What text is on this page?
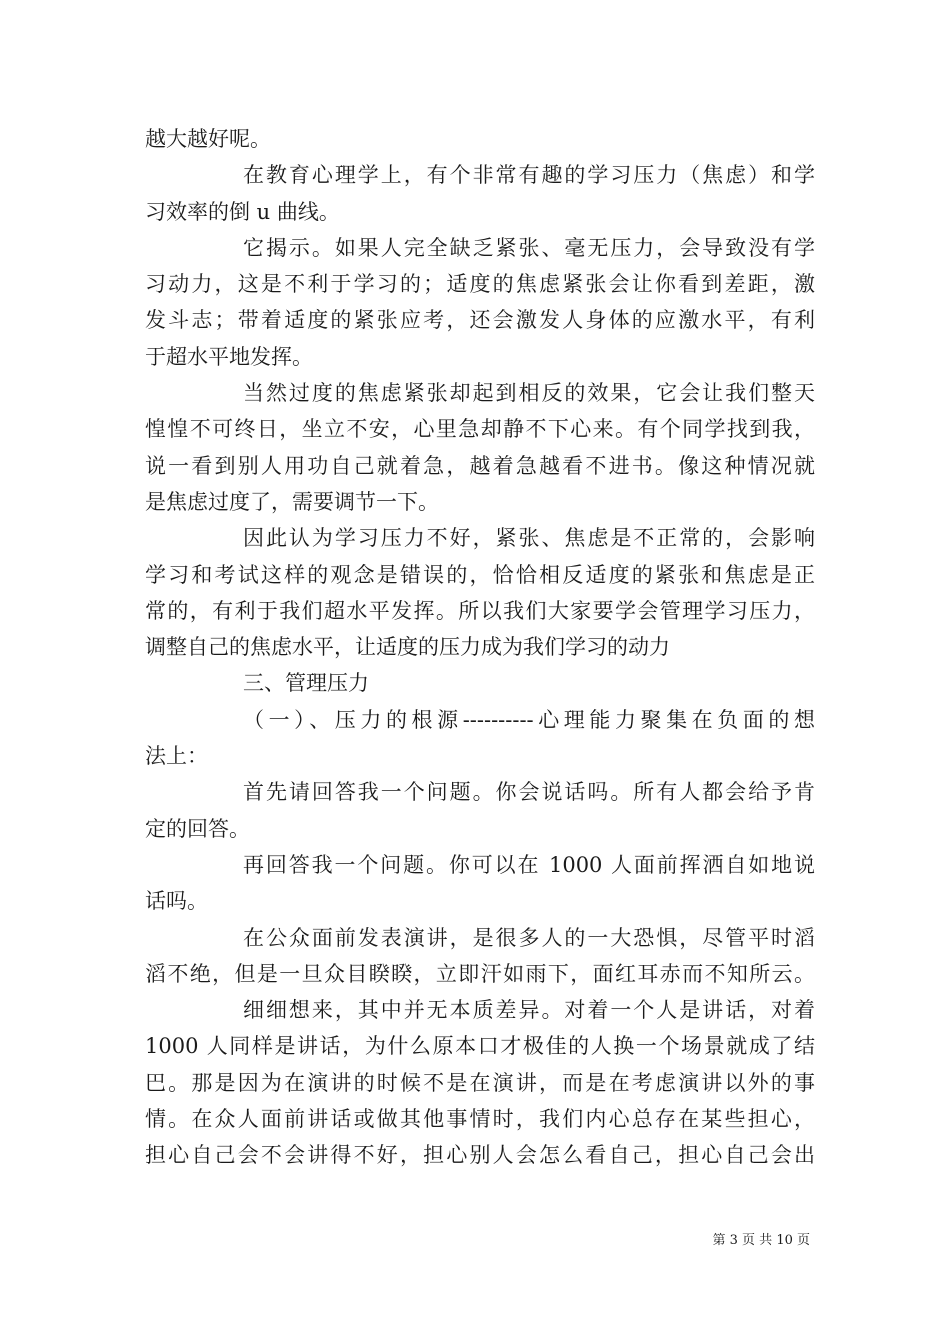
越大越好呢。
在教育心理学上，有个非常有趣的学习压力（焦虑）和学
习效率的倒 u 曲线。
它揭示。如果人完全缺乏紧张、毫无压力，会导致没有学
习动力，这是不利于学习的；适度的焦虑紧张会让你看到差距，激
发斗志；带着适度的紧张应考，还会激发人身体的应激水平，有利
于超水平地发挥。
当然过度的焦虑紧张却起到相反的效果，它会让我们整天
惶惶不可终日，坐立不安，心里急却静不下心来。有个同学找到我，
说一看到别人用功自己就着急，越着急越看不进书。像这种情况就
是焦虑过度了，需要调节一下。
因此认为学习压力不好，紧张、焦虑是不正常的，会影响
学习和考试这样的观念是错误的，恰恰相反适度的紧张和焦虑是正
常的，有利于我们超水平发挥。所以我们大家要学会管理学习压力，
调整自己的焦虑水平，让适度的压力成为我们学习的动力
三、管理压力
（一）、压力的根源----------心理能力聚集在负面的想
法上：
首先请回答我一个问题。你会说话吗。所有人都会给予肯
定的回答。
再回答我一个问题。你可以在 1000 人面前挥洒自如地说
话吗。
在公众面前发表演讲，是很多人的一大恐惧，尽管平时滔
滔不绝，但是一旦众目睽睽，立即汗如雨下，面红耳赤而不知所云。
细细想来，其中并无本质差异。对着一个人是讲话，对着
1000 人同样是讲话，为什么原本口才极佳的人换一个场景就成了结
巴。那是因为在演讲的时候不是在演讲，而是在考虑演讲以外的事
情。在众人面前讲话或做其他事情时，我们内心总存在某些担心，
担心自己会不会讲得不好，担心别人会怎么看自己，担心自己会出
第 3 页 共 10 页
